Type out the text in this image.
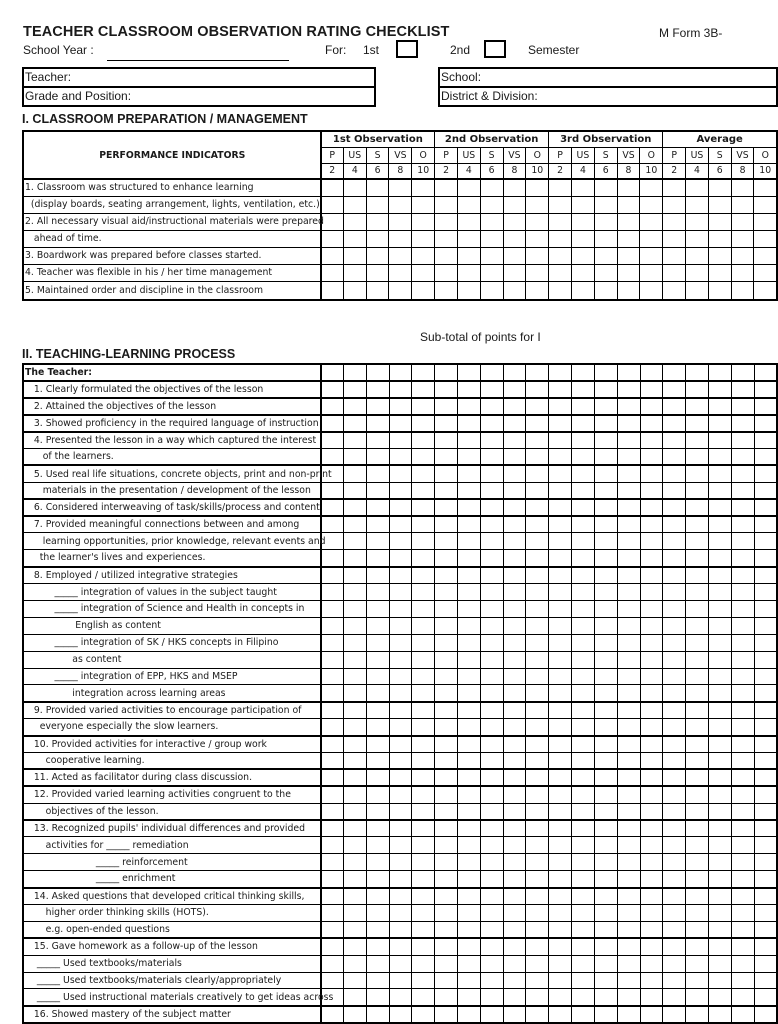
TEACHER CLASSROOM OBSERVATION RATING CHECKLIST	M Form 3B-
School Year :	For: 1st	2nd	Semester
Teacher:
Grade and Position:
School:
District & Division:
I. CLASSROOM PREPARATION / MANAGEMENT
PERFORMANCE INDICATORS	1st Observation					2nd Observation					3rd Observation					Average				
	P	US	S	VS	O	P	US	S	VS	O	P	US	S	VS	O	P	US	S	VS	O
	2	4	6	8	10	2	4	6	8	10	2	4	6	8	10	2	4	6	8	10
1. Classroom was structured to enhance learning																				
(display boards, seating arrangement, lights, ventilation, etc.)																				
2. All necessary visual aid/instructional materials were prepared																				
ahead of time.																				
3. Boardwork was prepared before classes started.																				
4. Teacher was flexible in his / her time management																				
5. Maintained order and discipline in the classroom																				
Sub-total of points for I
II. TEACHING-LEARNING PROCESS
The Teacher:																				
1. Clearly formulated the objectives of the lesson																				
2. Attained the objectives of the lesson																				
3. Showed proficiency in the required language of instruction																				
4. Presented the lesson in a way which captured the interest																				
of the learners.																				
5. Used real life situations, concrete objects, print and non-print																				
materials in the presentation / development of the lesson																				
6. Considered interweaving of task/skills/process and content																				
7. Provided meaningful connections between and among																				
learning opportunities, prior knowledge, relevant events and																				
the learner's lives and experiences.																				
8. Employed / utilized integrative strategies																				
_____ integration of values in the subject taught																				
_____ integration of Science and Health in concepts in																				
English as content																				
_____ integration of SK / HKS concepts in Filipino																				
as content																				
_____ integration of EPP, HKS and MSEP																				
integration across learning areas																				
9. Provided varied activities to encourage participation of																				
everyone especially the slow learners.																				
10. Provided activities for interactive / group work																				
cooperative learning.																				
11. Acted as facilitator during class discussion.																				
12. Provided varied learning activities congruent to the																				
objectives of the lesson.																				
13. Recognized pupils' individual differences and provided																				
activities for _____ remediation																				
_____ reinforcement																				
_____ enrichment																				
14. Asked questions that developed critical thinking skills,																				
higher order thinking skills (HOTS).																				
e.g. open-ended questions																				
15. Gave homework as a follow-up of the lesson																				
_____ Used textbooks/materials																				
_____ Used textbooks/materials clearly/appropriately																				
_____ Used instructional materials creatively to get ideas across																				
16. Showed mastery of the subject matter																				
